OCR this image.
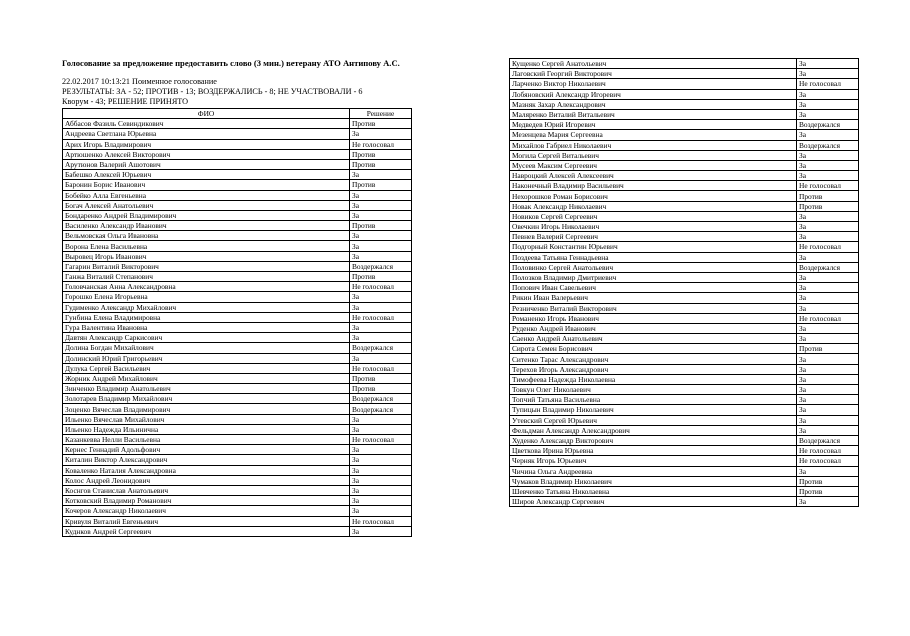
Голосование за предложение предоставить слово (3 мин.) ветерану АТО Антипову А.С.
22.02.2017 10:13:21 Поименное голосование
РЕЗУЛЬТАТЫ: ЗА - 52; ПРОТИВ - 13; ВОЗДЕРЖАЛИСЬ - 8; НЕ УЧАСТВОВАЛИ - 6
Кворум - 43; РЕШЕНИЕ ПРИНЯТО
ФИО	Решение
Аббасов Фазиль Севиндикович	Против
Андреева Светлана Юрьевна	За
Арих Игорь Владимирович	Не голосовал
Артюшенко Алексей Викторович	Против
Арутюнов Валерий Ашотович	Против
Бабешко Алексей Юрьевич	За
Баронин Борис Иванович	Против
Бобейко Алла Евгеньевна	За
Богач Алексей Анатольевич	За
Бондаренко Андрей Владимирович	За
Василенко Александр Иванович	Против
Вельмовская Ольга Ивановна	За
Ворона Елена Васильевна	За
Выровец Игорь Иванович	За
Гагарин Виталий Викторович	Воздержался
Ганжа Виталий Степанович	Против
Головчанская Анна Александровна	Не голосовал
Горошко Елена Игорьевна	За
Гудименко Александр Михайлович	За
Гунбина Елена Владимировна	Не голосовал
Гура Валентина Ивановна	За
Давтян Александр Саркисович	За
Долина Богдан Михайлович	Воздержался
Долинский Юрий Григорьевич	За
Дулука Сергей Васильевич	Не голосовал
Жорник Андрей Михайлович	Против
Зинченко Владимир Анатольевич	Против
Золотарев Владимир Михайлович	Воздержался
Зоценко Вячеслав Владимирович	Воздержался
Ильенко Вячеслав Михайлович	За
Ильенко Надежда Ильинична	За
Казанкевва Нелли Васильевна	Не голосовал
Кернес Геннадий Адольфович	За
Киталин Виктор Александрович	За
Коваленко Наталия Александровна	За
Колос Андрей Леонидович	За
Коснгов Станислав Анатольевич	За
Котковский Владимир Романович	За
Кочеров Александр Николаевич	За
Кривуля Виталий Евгеньевич	Не голосовал
Куднков Андрей Сергеевич	За
Кущенко Сергей Анатольевич	За
Лаговский Георгий Викторович	За
Ларченко Виктор Николаевич	Не голосовал
Лобяновский Александр Игоревич	За
Мазняк Захар Александрович	За
Маляренко Виталий Витальевич	За
Медведев Юрий Игоревич	Воздержался
Мезенцева Мария Сергеевна	За
Михайлов Габриел Николаевич	Воздержался
Могила Сергей Витальевич	За
Мусеев Максим Сергеевич	За
Навроцкий Алексей Алексеевич	За
Наконечный Владимир Васильевич	Не голосовал
Нехорошков Роман Борисович	Против
Новак Александр Николаевич	Против
Новиков Сергей Сергеевич	За
Овечкин Игорь Николаевич	За
Певнев Валерий Сергеевич	За
Подгорный Константин Юрьевич	Не голосовал
Поздеева Татьяна Геннадьевна	За
Половинко Сергей Анатольевич	Воздержался
Полозков Владимир Дмитриевич	За
Попович Иван Савельевич	За
Рикин Иван Валерьевич	За
Резниченко Виталий Викторович	За
Романенко Игорь Иванович	Не голосовал
Руденко Андрей Иванович	За
Саенко Андрей Анатольевич	За
Сирота Семен Борисович	Против
Ситенко Тарас Александрович	За
Терехов Игорь Александрович	За
Тимофеева Надежда Николаевна	За
Товкун Олег Николаевич	За
Топчий Татьяна Васильевна	За
Тупицын Владимир Николаевич	За
Утевский Сергей Юрьевич	За
Фельдман Александр Александрович	За
Худенко Александр Викторович	Воздержался
Цветкова Ирина Юрьевна	Не голосовал
Черняк Игорь Юрьевич	Не голосовал
Чичина Ольга Андреевна	За
Чумаков Владимир Николаевич	Против
Шевченко Татьяна Николаевна	Против
Шиpов Александр Сергеевич	За
